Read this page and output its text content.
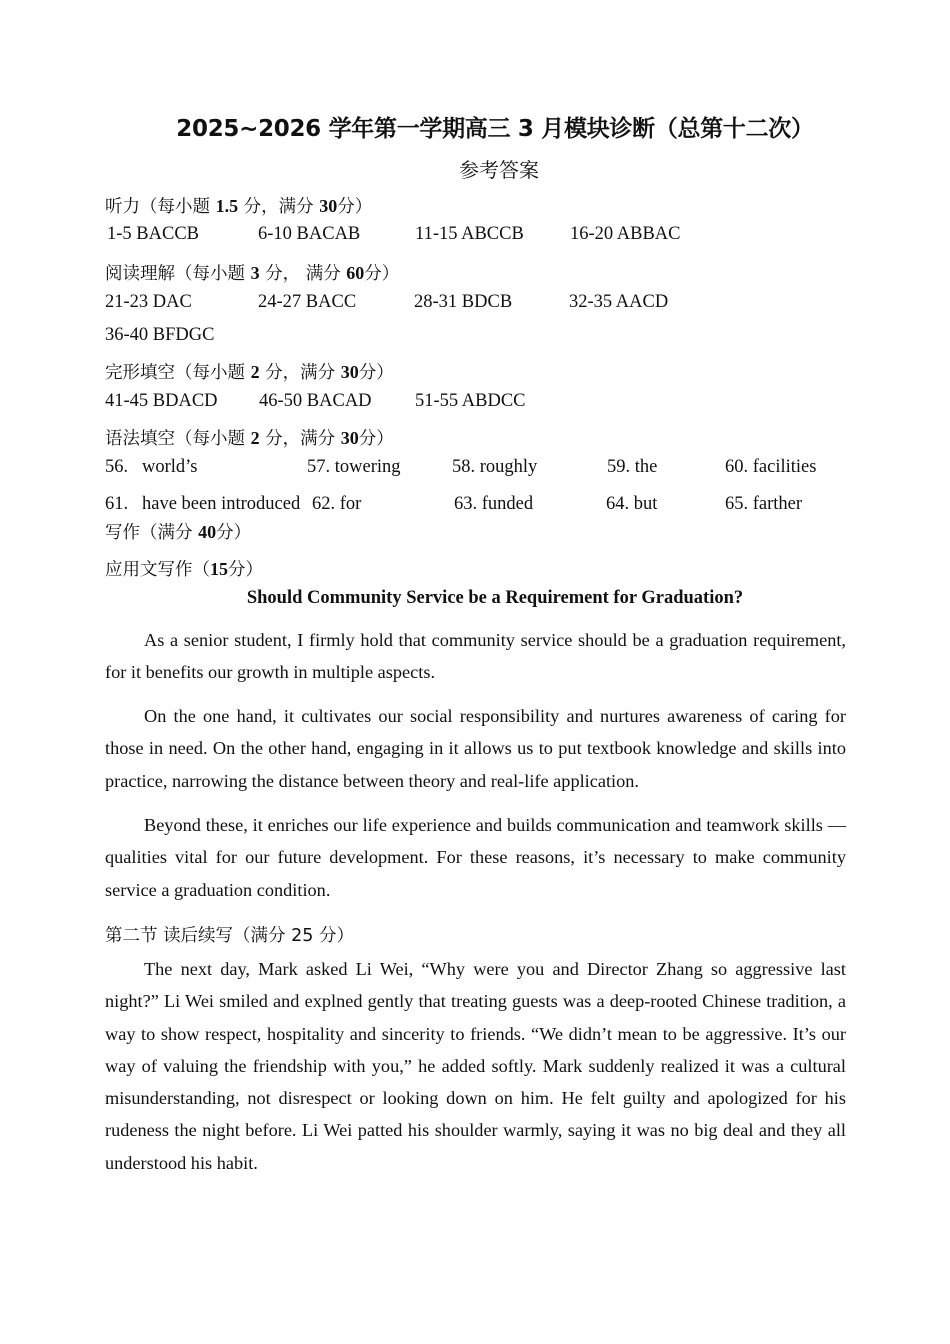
2025~2026 学年第一学期高三 3 月模块诊断（总第十二次）
参考答案
听力（每小题 1.5 分，满分 30分）
1-5 BACCB	6-10 BACAB	11-15 ABCCB 16-20 ABBAC
阅读理解（每小题 3 分， 满分 60分）
21-23 DAC	24-27 BACC	28-31 BDCB	32-35 AACD
36-40 BFDGC
完形填空（每小题 2 分，满分 30分）
41-45 BDACD 46-50 BACAD 51-55 ABDCC
语法填空（每小题 2 分，满分 30分）
56.   world’s	57. towering	58. roughly	59. the	60. facilities
61.   have been introduced 62. for	63. funded	64. but	65. farther
写作（满分 40分）
应用文写作（15分）
Should Community Service be a Requirement for Graduation?
As a senior student, I firmly hold that community service should be a graduation requirement, for it benefits our growth in multiple aspects.
On the one hand, it cultivates our social responsibility and nurtures awareness of caring for those in need. On the other hand, engaging in it allows us to put textbook knowledge and skills into practice, narrowing the distance between theory and real-life application.
Beyond these, it enriches our life experience and builds communication and teamwork skills — qualities vital for our future development. For these reasons, it’s necessary to make community service a graduation condition.
第二节 读后续写（满分 25 分）
The next day, Mark asked Li Wei, “Why were you and Director Zhang so aggressive last night?” Li Wei smiled and explned gently that treating guests was a deep-rooted Chinese tradition, a way to show respect, hospitality and sincerity to friends. “We didn’t mean to be aggressive. It’s our way of valuing the friendship with you,” he added softly. Mark suddenly realized it was a cultural misunderstanding, not disrespect or looking down on him. He felt guilty and apologized for his rudeness the night before. Li Wei patted his shoulder warmly, saying it was no big deal and they all understood his habit.
